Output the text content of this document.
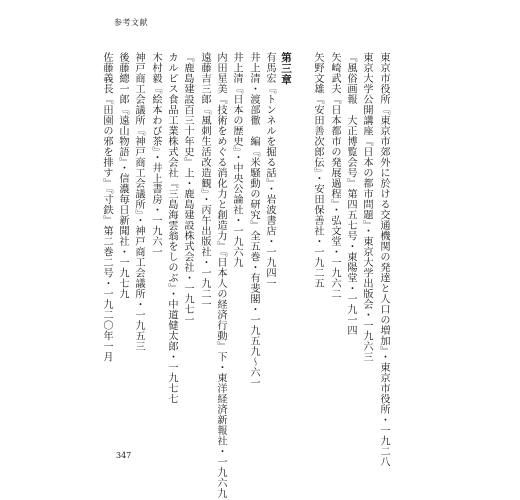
参考文献
東京市役所『東京市郊外に於ける交通機関の発達と人口の増加』・東京市役所・一九二八
東京大学公開講座『日本の都市問題』・東京大学出版会・一九六三
『風俗画報　大正博覧会号』第四五七号・東陽堂・一九一四
矢崎武夫『日本都市の発展過程』・弘文堂・一九六二
矢野文雄『安田善次郎伝』・安田保善社・一九二五
第三章
有馬宏『トンネルを掘る話』・岩波書店・一九四一
井上清・渡部徹　編『米騒動の研究』全五巻・有斐閣・一九五九〜六一
井上清『日本の歴史』・中央公論社・一九六九
内田星美『技術をめぐる消化力と創造力』『日本人の経済行動』下・東洋経済新報社・一九六九
遠藤吉三郎『風刺生活改造観』・丙午出版社・一九二一
『鹿島建設百三十年史』上・鹿島建設株式会社・一九七一
カルピス食品工業株式会社『三島海雲翁をしのぶ』・中道健太郎・一九七七
木村毅『絵本わび茶』・井上書房・一九六一
神戸商工会議所『神戸商工会議所』・神戸商工会議所・一九五三
後藤總一郎『遠山物語』・信濃毎日新聞社・一九七九
佐藤義長『田園の邪を排す』『寸鉄』第二巻二号・一九二〇年一月
347
